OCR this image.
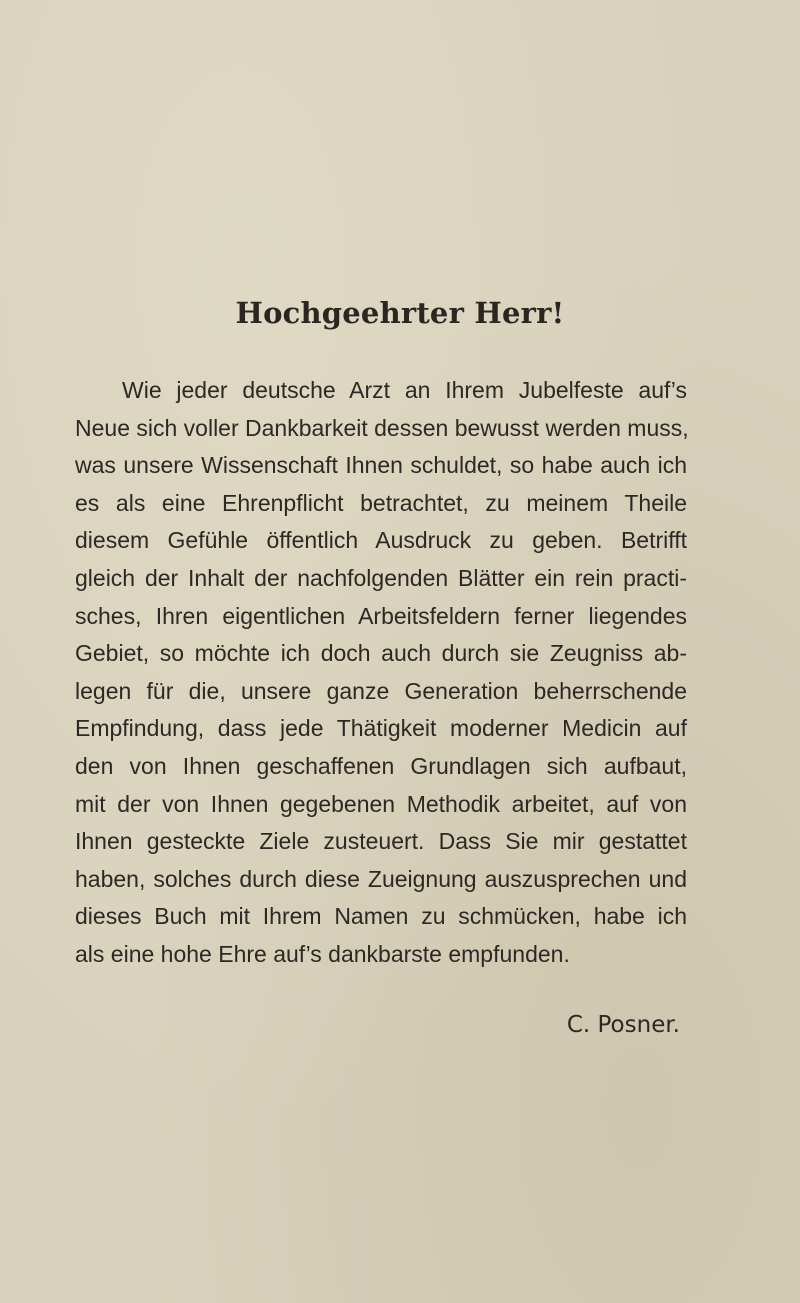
Hochgeehrter Herr!
Wie jeder deutsche Arzt an Ihrem Jubelfeste auf’s
Neue sich voller Dankbarkeit dessen bewusst werden muss,
was unsere Wissenschaft Ihnen schuldet, so habe auch ich
es als eine Ehrenpflicht betrachtet, zu meinem Theile
diesem Gefühle öffentlich Ausdruck zu geben. Betrifft
gleich der Inhalt der nachfolgenden Blätter ein rein practi-
sches, Ihren eigentlichen Arbeitsfeldern ferner liegendes
Gebiet, so möchte ich doch auch durch sie Zeugniss ab-
legen für die, unsere ganze Generation beherrschende
Empfindung, dass jede Thätigkeit moderner Medicin auf
den von Ihnen geschaffenen Grundlagen sich aufbaut,
mit der von Ihnen gegebenen Methodik arbeitet, auf von
Ihnen gesteckte Ziele zusteuert. Dass Sie mir gestattet
haben, solches durch diese Zueignung auszusprechen und
dieses Buch mit Ihrem Namen zu schmücken, habe ich
als eine hohe Ehre auf’s dankbarste empfunden.
C. Posner.
